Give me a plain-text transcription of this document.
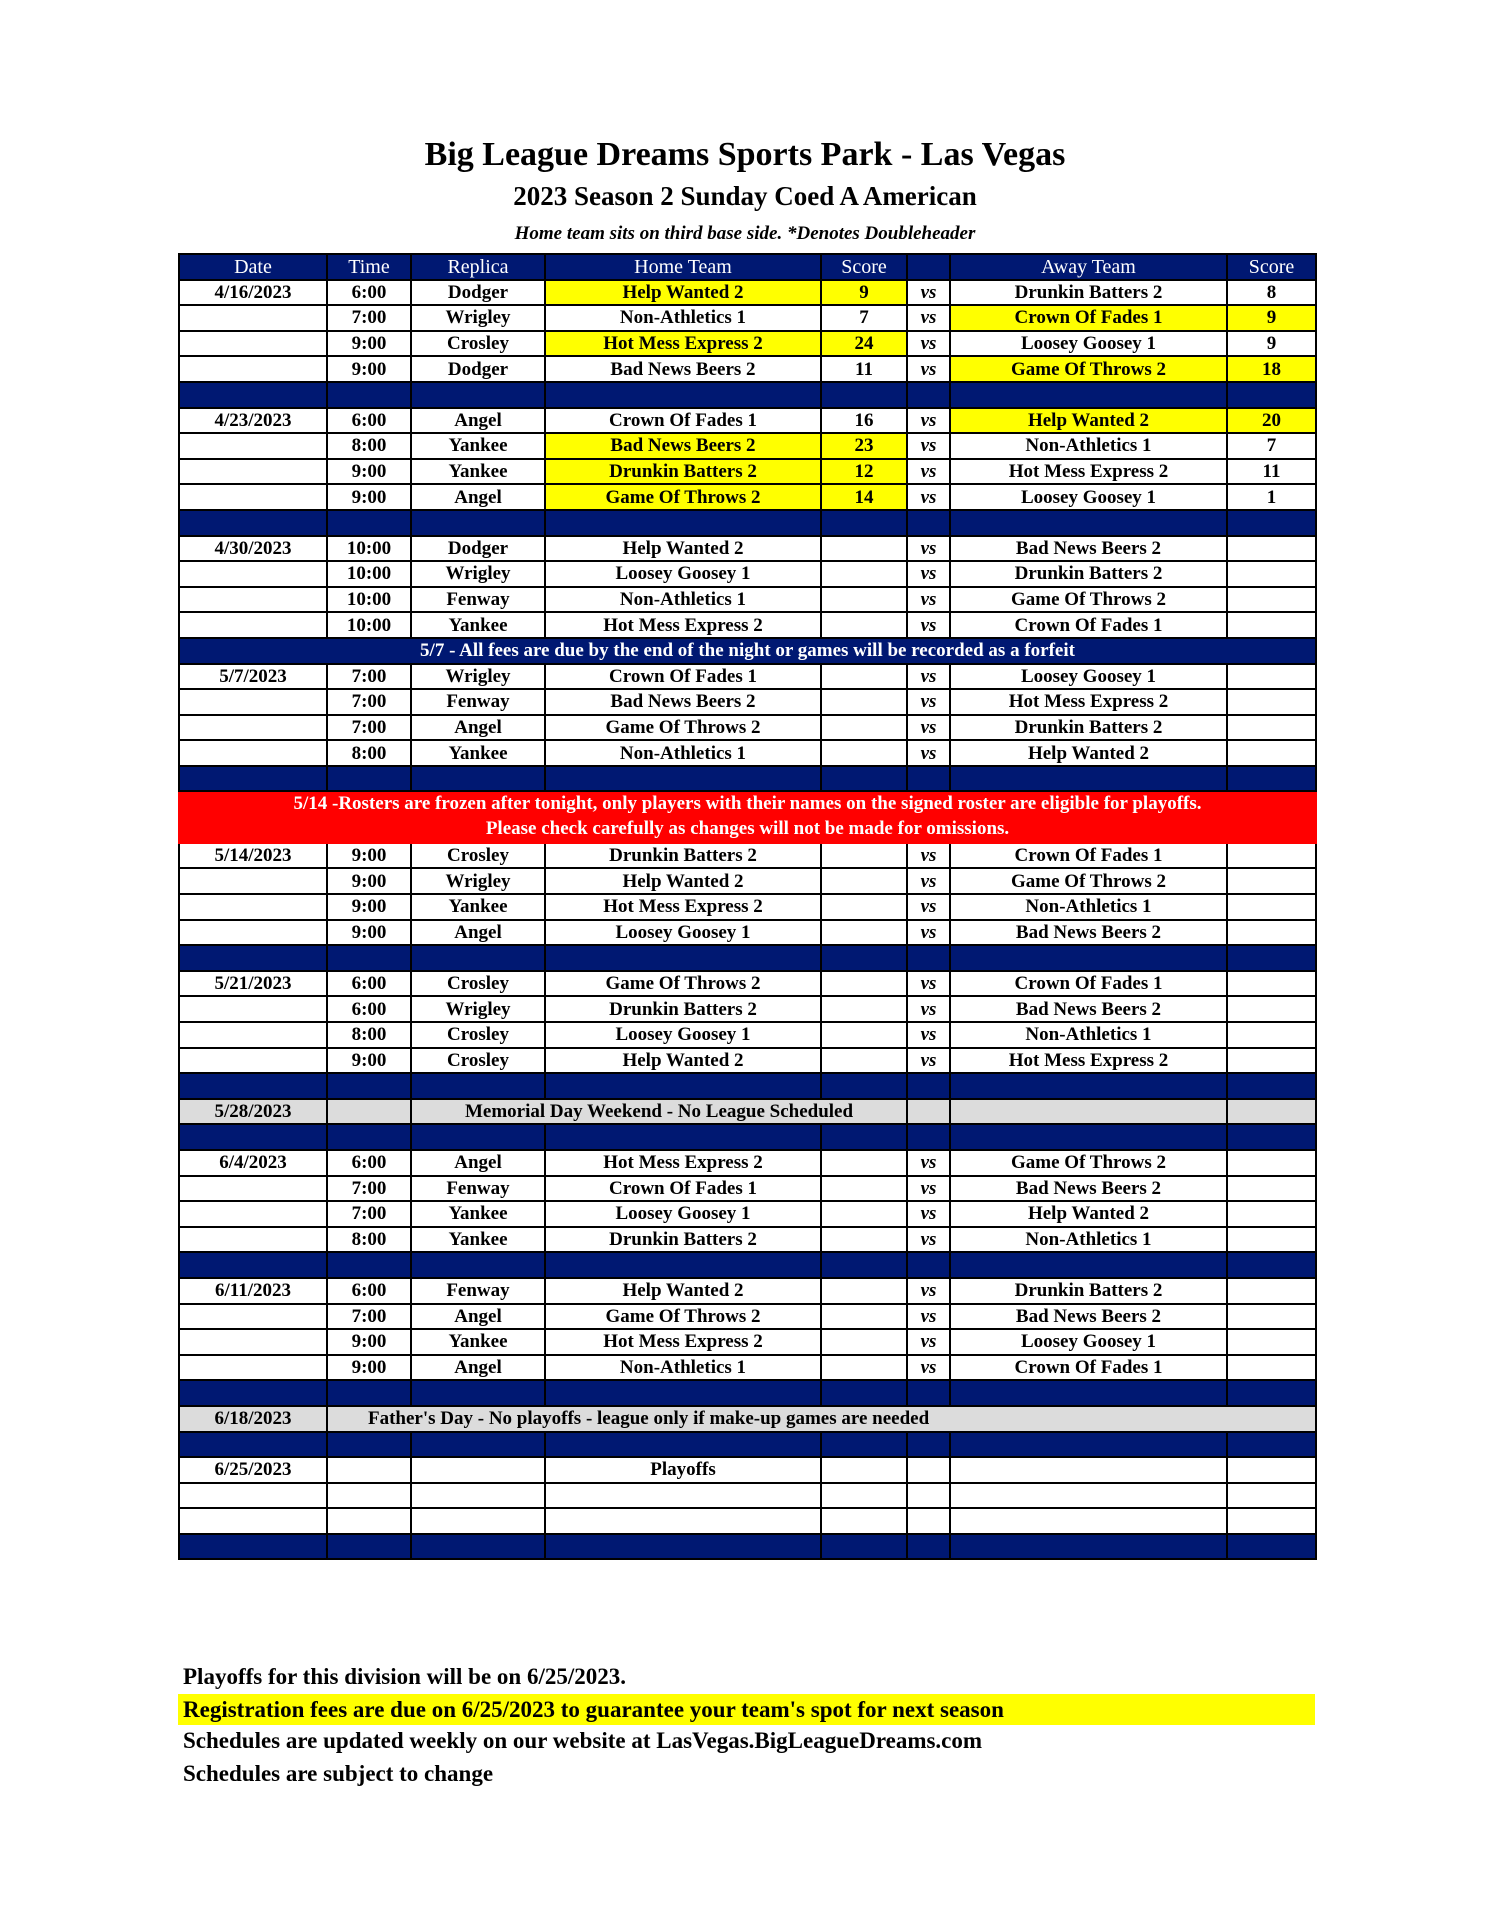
Big League Dreams Sports Park - Las Vegas
2023 Season 2 Sunday Coed A American
Home team sits on third base side. *Denotes Doubleheader
Date	Time	Replica	Home Team	Score		Away Team	Score
4/16/2023	6:00	Dodger	Help Wanted 2	9	vs	Drunkin Batters 2	8
	7:00	Wrigley	Non-Athletics 1	7	vs	Crown Of Fades 1	9
	9:00	Crosley	Hot Mess Express 2	24	vs	Loosey Goosey 1	9
	9:00	Dodger	Bad News Beers 2	11	vs	Game Of Throws 2	18

4/23/2023	6:00	Angel	Crown Of Fades 1	16	vs	Help Wanted 2	20
	8:00	Yankee	Bad News Beers 2	23	vs	Non-Athletics 1	7
	9:00	Yankee	Drunkin Batters 2	12	vs	Hot Mess Express 2	11
	9:00	Angel	Game Of Throws 2	14	vs	Loosey Goosey 1	1

4/30/2023	10:00	Dodger	Help Wanted 2		vs	Bad News Beers 2	
	10:00	Wrigley	Loosey Goosey 1		vs	Drunkin Batters 2	
	10:00	Fenway	Non-Athletics 1		vs	Game Of Throws 2	
	10:00	Yankee	Hot Mess Express 2		vs	Crown Of Fades 1	
5/7 - All fees are due by the end of the night or games will be recorded as a forfeit							
5/7/2023	7:00	Wrigley	Crown Of Fades 1		vs	Loosey Goosey 1	
	7:00	Fenway	Bad News Beers 2		vs	Hot Mess Express 2	
	7:00	Angel	Game Of Throws 2		vs	Drunkin Batters 2	
	8:00	Yankee	Non-Athletics 1		vs	Help Wanted 2	

5/14 -Rosters are frozen after tonight, only players with their names on the signed roster are eligible for playoffs.
Please check carefully as changes will not be made for omissions.							
5/14/2023	9:00	Crosley	Drunkin Batters 2		vs	Crown Of Fades 1	
	9:00	Wrigley	Help Wanted 2		vs	Game Of Throws 2	
	9:00	Yankee	Hot Mess Express 2		vs	Non-Athletics 1	
	9:00	Angel	Loosey Goosey 1		vs	Bad News Beers 2	

5/21/2023	6:00	Crosley	Game Of Throws 2		vs	Crown Of Fades 1	
	6:00	Wrigley	Drunkin Batters 2		vs	Bad News Beers 2	
	8:00	Crosley	Loosey Goosey 1		vs	Non-Athletics 1	
	9:00	Crosley	Help Wanted 2		vs	Hot Mess Express 2	

5/28/2023		Memorial Day Weekend - No League Scheduled					

6/4/2023	6:00	Angel	Hot Mess Express 2		vs	Game Of Throws 2	
	7:00	Fenway	Crown Of Fades 1		vs	Bad News Beers 2	
	7:00	Yankee	Loosey Goosey 1		vs	Help Wanted 2	
	8:00	Yankee	Drunkin Batters 2		vs	Non-Athletics 1	

6/11/2023	6:00	Fenway	Help Wanted 2		vs	Drunkin Batters 2	
	7:00	Angel	Game Of Throws 2		vs	Bad News Beers 2	
	9:00	Yankee	Hot Mess Express 2		vs	Loosey Goosey 1	
	9:00	Angel	Non-Athletics 1		vs	Crown Of Fades 1	

6/18/2023	Father's Day - No playoffs - league only if make-up games are needed						

6/25/2023			Playoffs				

Playoffs for this division will be on 6/25/2023.
Registration fees are due on 6/25/2023 to guarantee your team's spot for next season
Schedules are updated weekly on our website at LasVegas.BigLeagueDreams.com
Schedules are subject to change
